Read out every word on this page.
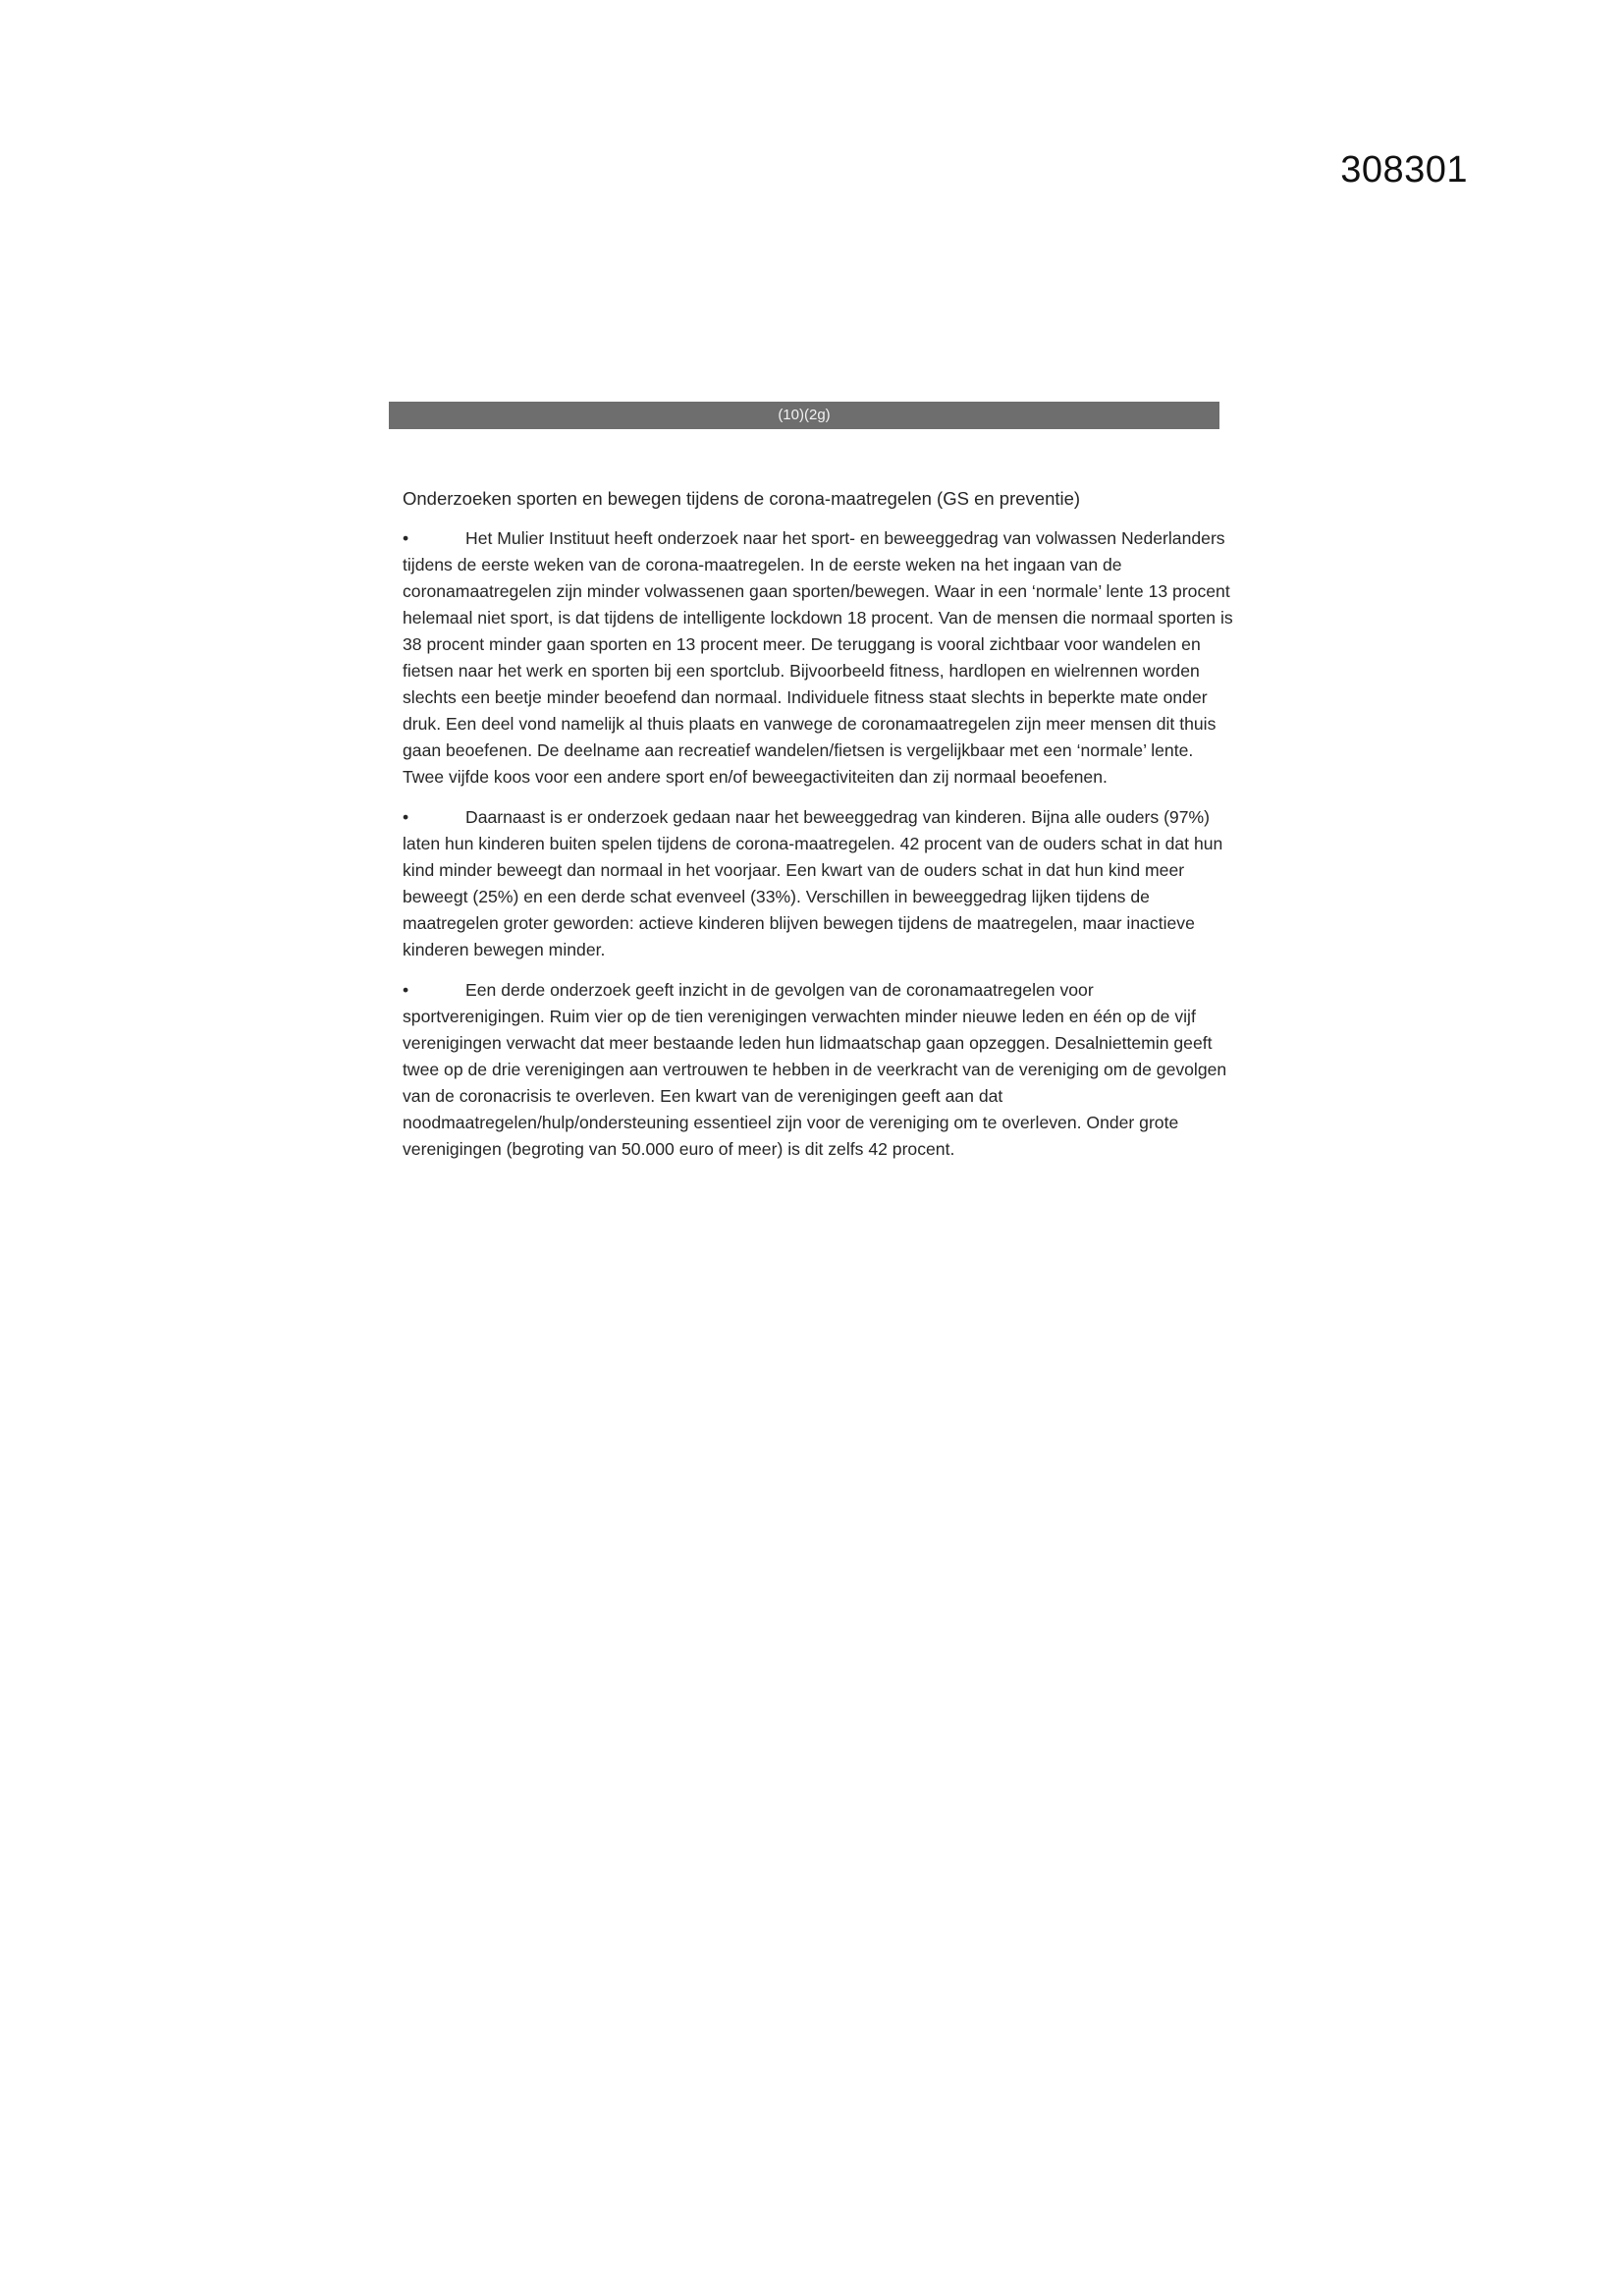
308301
(10)(2g)

Onderzoeken sporten en bewegen tijdens de corona-maatregelen (GS en preventie)

•	Het Mulier Instituut heeft onderzoek naar het sport- en beweeggedrag van volwassen Nederlanders tijdens de eerste weken van de corona-maatregelen. In de eerste weken na het ingaan van de coronamaatregelen zijn minder volwassenen gaan sporten/bewegen. Waar in een ‘normale’ lente 13 procent helemaal niet sport, is dat tijdens de intelligente lockdown 18 procent. Van de mensen die normaal sporten is 38 procent minder gaan sporten en 13 procent meer. De teruggang is vooral zichtbaar voor wandelen en fietsen naar het werk en sporten bij een sportclub. Bijvoorbeeld fitness, hardlopen en wielrennen worden slechts een beetje minder beoefend dan normaal. Individuele fitness staat slechts in beperkte mate onder druk. Een deel vond namelijk al thuis plaats en vanwege de coronamaatregelen zijn meer mensen dit thuis gaan beoefenen. De deelname aan recreatief wandelen/fietsen is vergelijkbaar met een ‘normale’ lente. Twee vijfde koos voor een andere sport en/of beweegactiviteiten dan zij normaal beoefenen.

•	Daarnaast is er onderzoek gedaan naar het beweeggedrag van kinderen. Bijna alle ouders (97%) laten hun kinderen buiten spelen tijdens de corona-maatregelen. 42 procent van de ouders schat in dat hun kind minder beweegt dan normaal in het voorjaar. Een kwart van de ouders schat in dat hun kind meer beweegt (25%) en een derde schat evenveel (33%). Verschillen in beweeggedrag lijken tijdens de maatregelen groter geworden: actieve kinderen blijven bewegen tijdens de maatregelen, maar inactieve kinderen bewegen minder.

•	Een derde onderzoek geeft inzicht in de gevolgen van de coronamaatregelen voor sportverenigingen. Ruim vier op de tien verenigingen verwachten minder nieuwe leden en één op de vijf verenigingen verwacht dat meer bestaande leden hun lidmaatschap gaan opzeggen. Desalniettemin geeft twee op de drie verenigingen aan vertrouwen te hebben in de veerkracht van de vereniging om de gevolgen van de coronacrisis te overleven. Een kwart van de verenigingen geeft aan dat noodmaatregelen/hulp/ondersteuning essentieel zijn voor de vereniging om te overleven. Onder grote verenigingen (begroting van 50.000 euro of meer) is dit zelfs 42 procent.
